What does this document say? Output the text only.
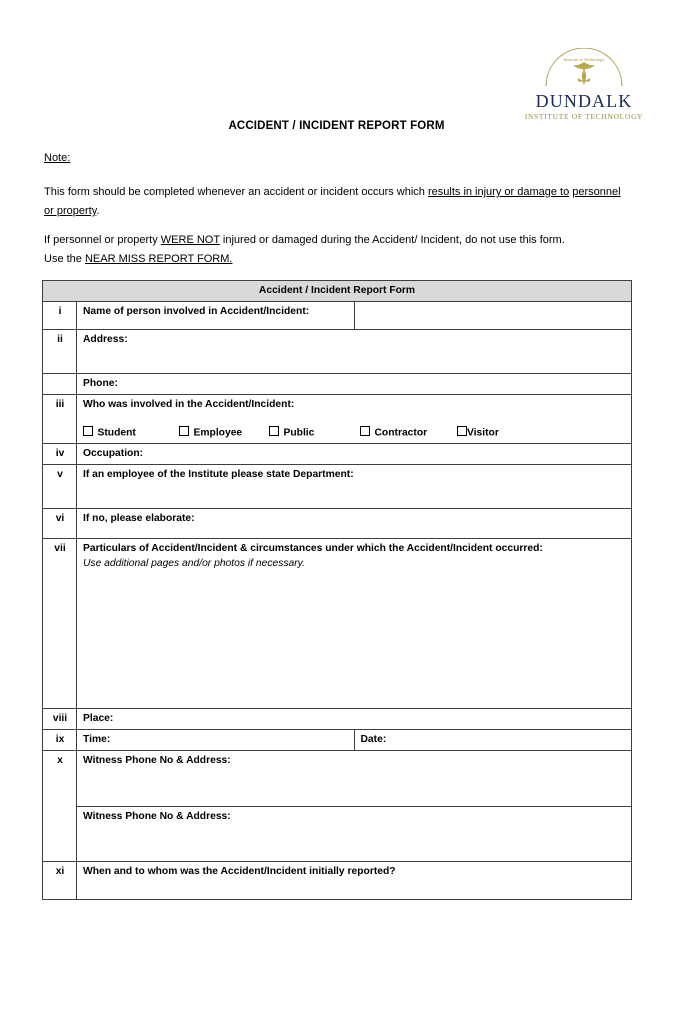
Institute of Technology
DUNDALK
INSTITUTE OF TECHNOLOGY
ACCIDENT / INCIDENT REPORT FORM
Note:
This form should be completed whenever an accident or incident occurs which results in injury or damage to personnel or property.
If personnel or property WERE NOT injured or damaged during the Accident/ Incident, do not use this form.
Use the NEAR MISS REPORT FORM.
Accident / Incident Report Form		
i	Name of person involved in Accident/Incident:	
ii	Address:	
	Phone:	
iii	Who was involved in the Accident/Incident:
Student	Employee	Public	Contractor	Visitor

iv	Occupation:	
v	If an employee of the Institute please state Department:	
vi	If no, please elaborate:	
vii	Particulars of Accident/Incident & circumstances under which the Accident/Incident occurred:
Use additional pages and/or photos if necessary.	

viii	Place:	
ix	Time:	Date:
x	Witness Phone No & Address:	
	Witness Phone No & Address:	
xi	When and to whom was the Accident/Incident initially reported?	
